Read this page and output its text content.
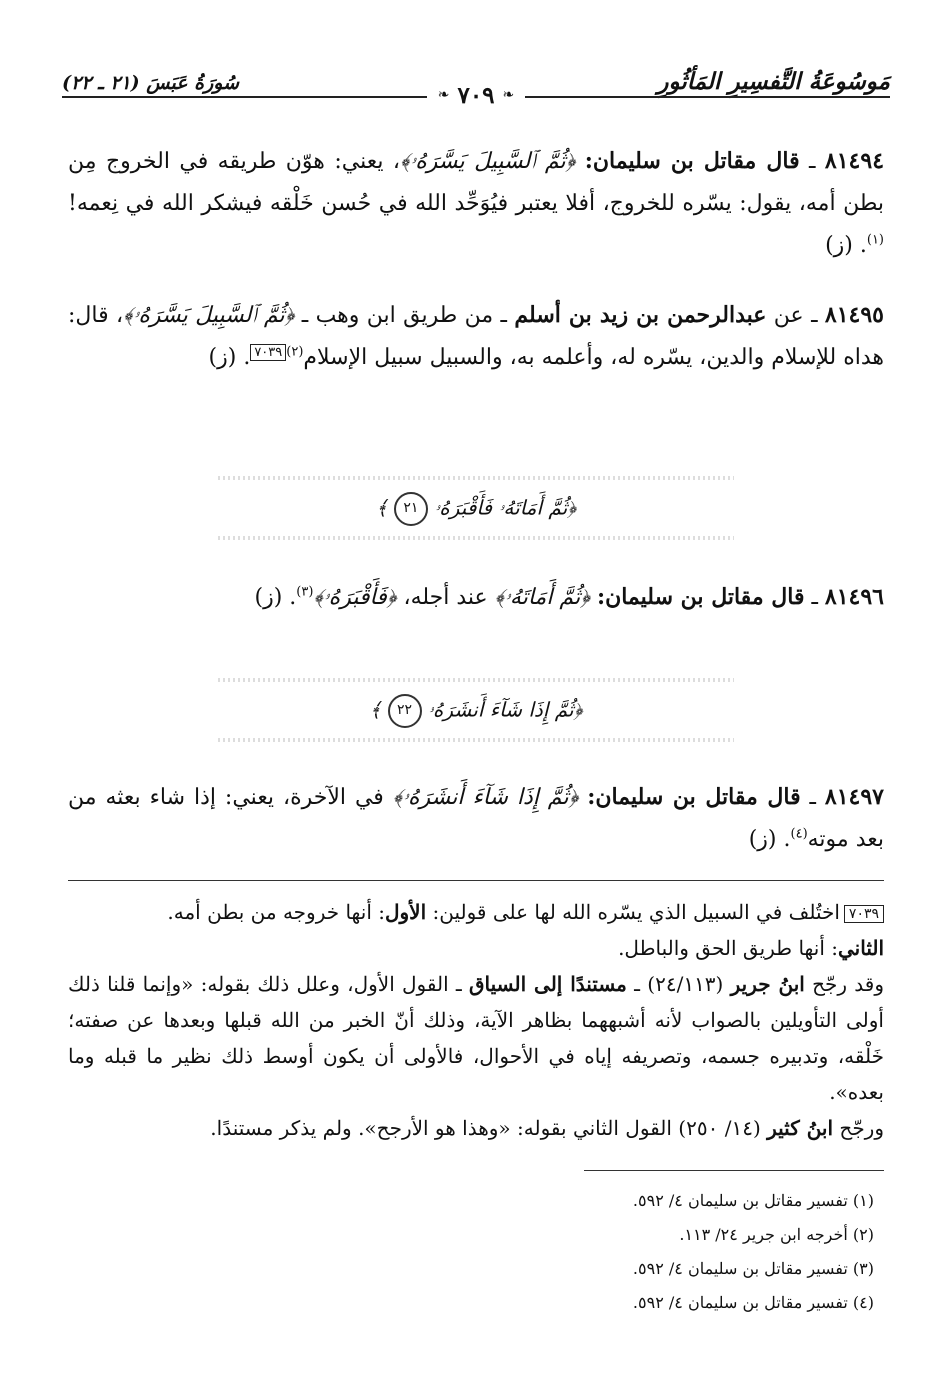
سُورَةُ عَبَسَ (٢١ ـ ٢٢)	مَوسُوعَةُ التَّفسِيرِ المَأثُورِ
❧ ٧٠٩ ❧
٨١٤٩٤ ـ قال مقاتل بن سليمان: ﴿ثُمَّ ٱلسَّبِيلَ يَسَّرَهُۥ﴾، يعني: هوّن طريقه في الخروج مِن بطن أمه، يقول: يسّره للخروج، أفلا يعتبر فيُوَحِّد الله في حُسن خَلْقه فيشكر الله في نِعمه!$^{(١)}$. (ز)
٨١٤٩٥ ـ عن عبدالرحمن بن زيد بن أسلم ـ من طريق ابن وهب ـ ﴿ثُمَّ ٱلسَّبِيلَ يَسَّرَهُۥ﴾، قال: هداه للإسلام والدين، يسّره له، وأعلمه به، والسبيل سبيل الإسلام$^{(٢)٧٠٣٩}$. (ز)
﴿ثُمَّ أَمَاتَهُۥ فَأَقْبَرَهُۥ ٢١ ﴾
٨١٤٩٦ ـ قال مقاتل بن سليمان: ﴿ثُمَّ أَمَاتَهُۥ﴾ عند أجله، ﴿فَأَقْبَرَهُۥ﴾$^{(٣)}$. (ز)
﴿ثُمَّ إِذَا شَآءَ أَنشَرَهُۥ ٢٢ ﴾
٨١٤٩٧ ـ قال مقاتل بن سليمان: ﴿ثُمَّ إِذَا شَآءَ أَنشَرَهُۥ﴾ في الآخرة، يعني: إذا شاء بعثه من بعد موته$^{(٤)}$. (ز)
٧٠٣٩اختُلف في السبيل الذي يسّره الله لها على قولين: الأول: أنها خروجه من بطن أمه.
الثاني: أنها طريق الحق والباطل.
وقد رجّح ابنُ جرير (٢٤/١١٣) ـ مستندًا إلى السياق ـ القول الأول، وعلل ذلك بقوله: «وإنما قلنا ذلك أولى التأويلين بالصواب لأنه أشبههما بظاهر الآية، وذلك أنّ الخبر من الله قبلها وبعدها عن صفته؛ خَلْقه، وتدبيره جسمه، وتصريفه إياه في الأحوال، فالأولى أن يكون أوسط ذلك نظير ما قبله وما بعده».
ورجّح ابنُ كثير (١٤/ ٢٥٠) القول الثاني بقوله: «وهذا هو الأرجح». ولم يذكر مستندًا.
(١) تفسير مقاتل بن سليمان ٤/ ٥٩٢.
(٢) أخرجه ابن جرير ٢٤/ ١١٣.
(٣) تفسير مقاتل بن سليمان ٤/ ٥٩٢.
(٤) تفسير مقاتل بن سليمان ٤/ ٥٩٢.
